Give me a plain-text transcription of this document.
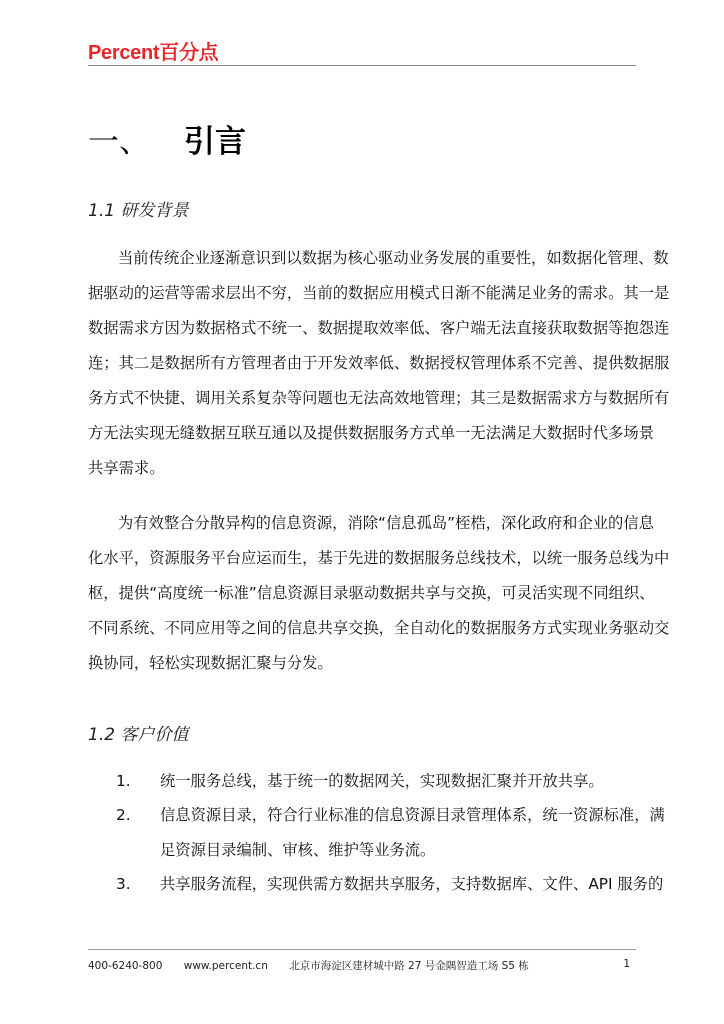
Percent百分点
一、 引言
1.1 研发背景
当前传统企业逐渐意识到以数据为核心驱动业务发展的重要性，如数据化管理、数
据驱动的运营等需求层出不穷，当前的数据应用模式日渐不能满足业务的需求。其一是
数据需求方因为数据格式不统一、数据提取效率低、客户端无法直接获取数据等抱怨连
连；其二是数据所有方管理者由于开发效率低、数据授权管理体系不完善、提供数据服
务方式不快捷、调用关系复杂等问题也无法高效地管理；其三是数据需求方与数据所有
方无法实现无缝数据互联互通以及提供数据服务方式单一无法满足大数据时代多场景
共享需求。
为有效整合分散异构的信息资源，消除“信息孤岛”桎梏，深化政府和企业的信息
化水平，资源服务平台应运而生，基于先进的数据服务总线技术，以统一服务总线为中
枢，提供“高度统一标准”信息资源目录驱动数据共享与交换，可灵活实现不同组织、
不同系统、不同应用等之间的信息共享交换，全自动化的数据服务方式实现业务驱动交
换协同，轻松实现数据汇聚与分发。
1.2 客户价值
1. 统一服务总线，基于统一的数据网关，实现数据汇聚并开放共享。
2. 信息资源目录，符合行业标准的信息资源目录管理体系，统一资源标准，满
足资源目录编制、审核、维护等业务流。
3. 共享服务流程，实现供需方数据共享服务，支持数据库、文件、API 服务的
400-6240-800 www.percent.cn 北京市海淀区建材城中路 27 号金隅智造工场 S5 栋	1
